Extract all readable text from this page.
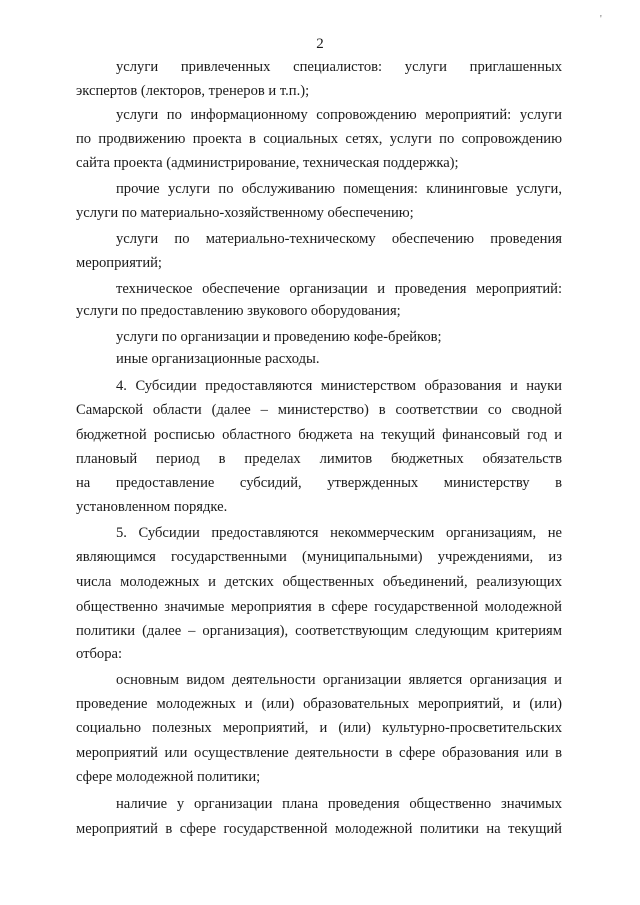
2
'

услуги привлеченных специалистов: услуги приглашенных

экспертов (лекторов, тренеров и т.п.);

услуги по информационному сопровождению мероприятий: услуги

по продвижению проекта в социальных сетях, услуги по сопровождению

сайта проекта (администрирование, техническая поддержка);

прочие услуги по обслуживанию помещения: клининговые услуги,

услуги по материально-хозяйственному обеспечению;

услуги по материально-техническому обеспечению проведения

мероприятий;

техническое обеспечение организации и проведения мероприятий:

услуги по предоставлению звукового оборудования;

услуги по организации и проведению кофе-брейков;

иные организационные расходы.

4. Субсидии предоставляются министерством образования и науки

Самарской области (далее – министерство) в соответствии со сводной

бюджетной росписью областного бюджета на текущий финансовый год и

плановый период в пределах лимитов бюджетных обязательств

на предоставление субсидий, утвержденных министерству в

установленном порядке.

5. Субсидии предоставляются некоммерческим организациям, не

являющимся государственными (муниципальными) учреждениями, из

числа молодежных и детских общественных объединений, реализующих

общественно значимые мероприятия в сфере государственной молодежной

политики (далее – организация), соответствующим следующим критериям

отбора:

основным видом деятельности организации является организация и

проведение молодежных и (или) образовательных мероприятий, и (или)

социально полезных мероприятий, и (или) культурно-просветительских

мероприятий или осуществление деятельности в сфере образования или в

сфере молодежной политики;

наличие у организации плана проведения общественно значимых

мероприятий в сфере государственной молодежной политики на текущий
